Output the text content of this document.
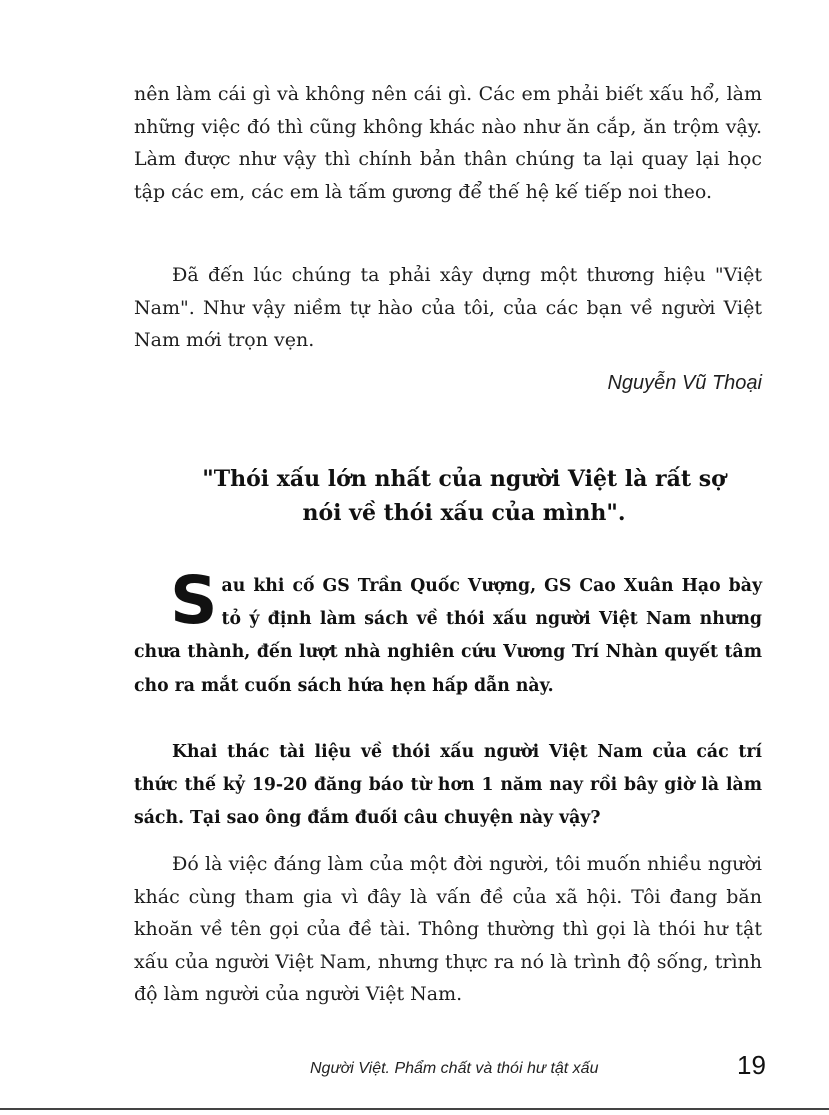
nên làm cái gì và không nên cái gì. Các em phải biết xấu hổ, làm những việc đó thì cũng không khác nào như ăn cắp, ăn trộm vậy. Làm được như vậy thì chính bản thân chúng ta lại quay lại học tập các em, các em là tấm gương để thế hệ kế tiếp noi theo.

Đã đến lúc chúng ta phải xây dựng một thương hiệu "Việt Nam". Như vậy niềm tự hào của tôi, của các bạn về người Việt Nam mới trọn vẹn.

Nguyễn Vũ Thoại

"Thói xấu lớn nhất của người Việt là rất sợ
nói về thói xấu của mình".

Sau khi cố GS Trần Quốc Vượng, GS Cao Xuân Hạo bày tỏ ý định làm sách về thói xấu người Việt Nam nhưng chưa thành, đến lượt nhà nghiên cứu Vương Trí Nhàn quyết tâm cho ra mắt cuốn sách hứa hẹn hấp dẫn này.

Khai thác tài liệu về thói xấu người Việt Nam của các trí thức thế kỷ 19-20 đăng báo từ hơn 1 năm nay rồi bây giờ là làm sách. Tại sao ông đắm đuối câu chuyện này vậy?

Đó là việc đáng làm của một đời người, tôi muốn nhiều người khác cùng tham gia vì đây là vấn đề của xã hội. Tôi đang băn khoăn về tên gọi của đề tài. Thông thường thì gọi là thói hư tật xấu của người Việt Nam, nhưng thực ra nó là trình độ sống, trình độ làm người của người Việt Nam.

Người Việt. Phẩm chất và thói hư tật xấu	19
